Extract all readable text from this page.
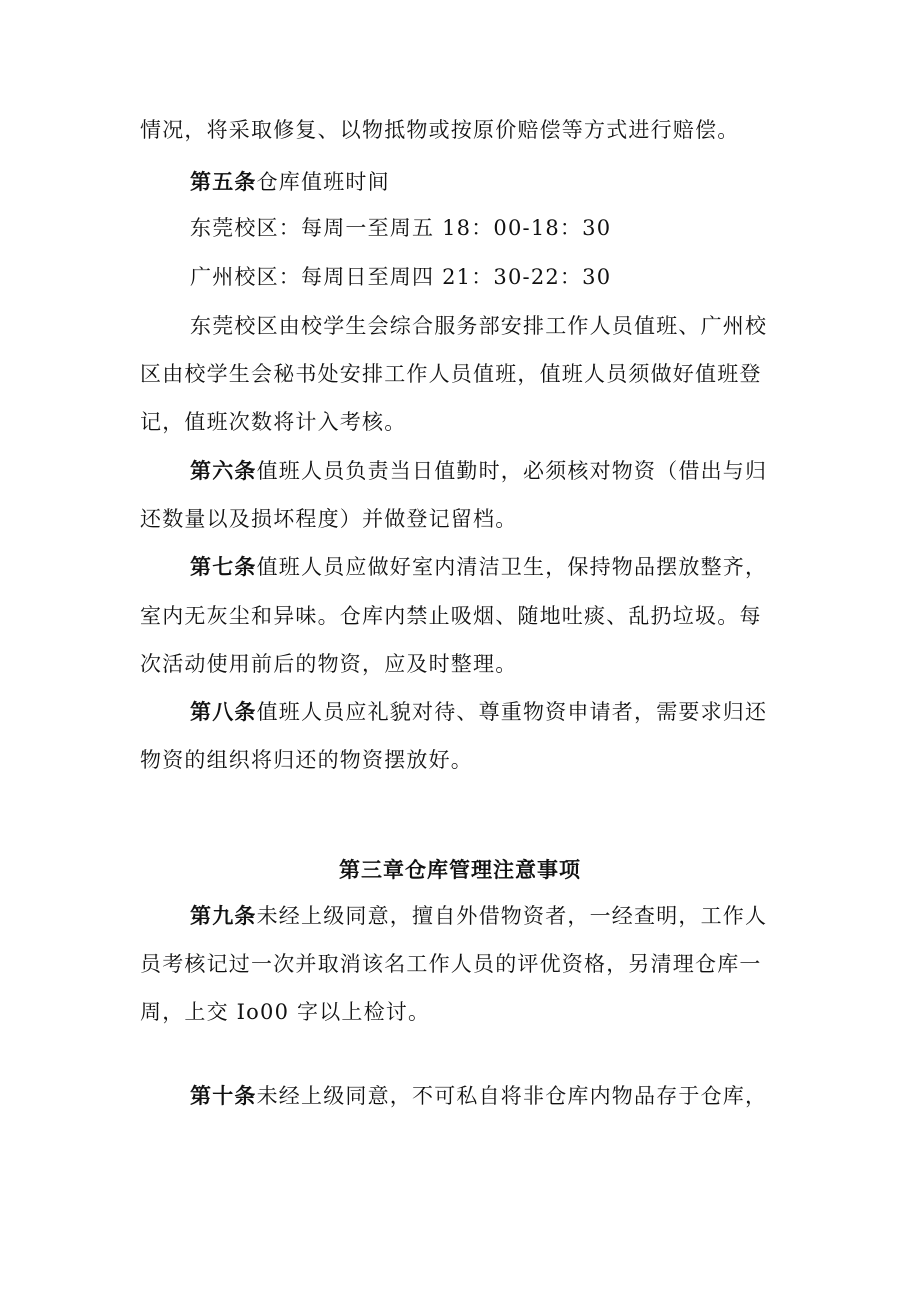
情况，将采取修复、以物抵物或按原价赔偿等方式进行赔偿。
第五条仓库值班时间
东莞校区：每周一至周五 18：00-18：30
广州校区：每周日至周四 21：30-22：30
东莞校区由校学生会综合服务部安排工作人员值班、广州校
区由校学生会秘书处安排工作人员值班，值班人员须做好值班登
记，值班次数将计入考核。
第六条值班人员负责当日值勤时，必须核对物资（借出与归
还数量以及损坏程度）并做登记留档。
第七条值班人员应做好室内清洁卫生，保持物品摆放整齐，
室内无灰尘和异味。仓库内禁止吸烟、随地吐痰、乱扔垃圾。每
次活动使用前后的物资，应及时整理。
第八条值班人员应礼貌对待、尊重物资申请者，需要求归还
物资的组织将归还的物资摆放好。
第三章仓库管理注意事项
第九条未经上级同意，擅自外借物资者，一经查明，工作人
员考核记过一次并取消该名工作人员的评优资格，另清理仓库一
周，上交 Io00 字以上检讨。
第十条未经上级同意，不可私自将非仓库内物品存于仓库，
